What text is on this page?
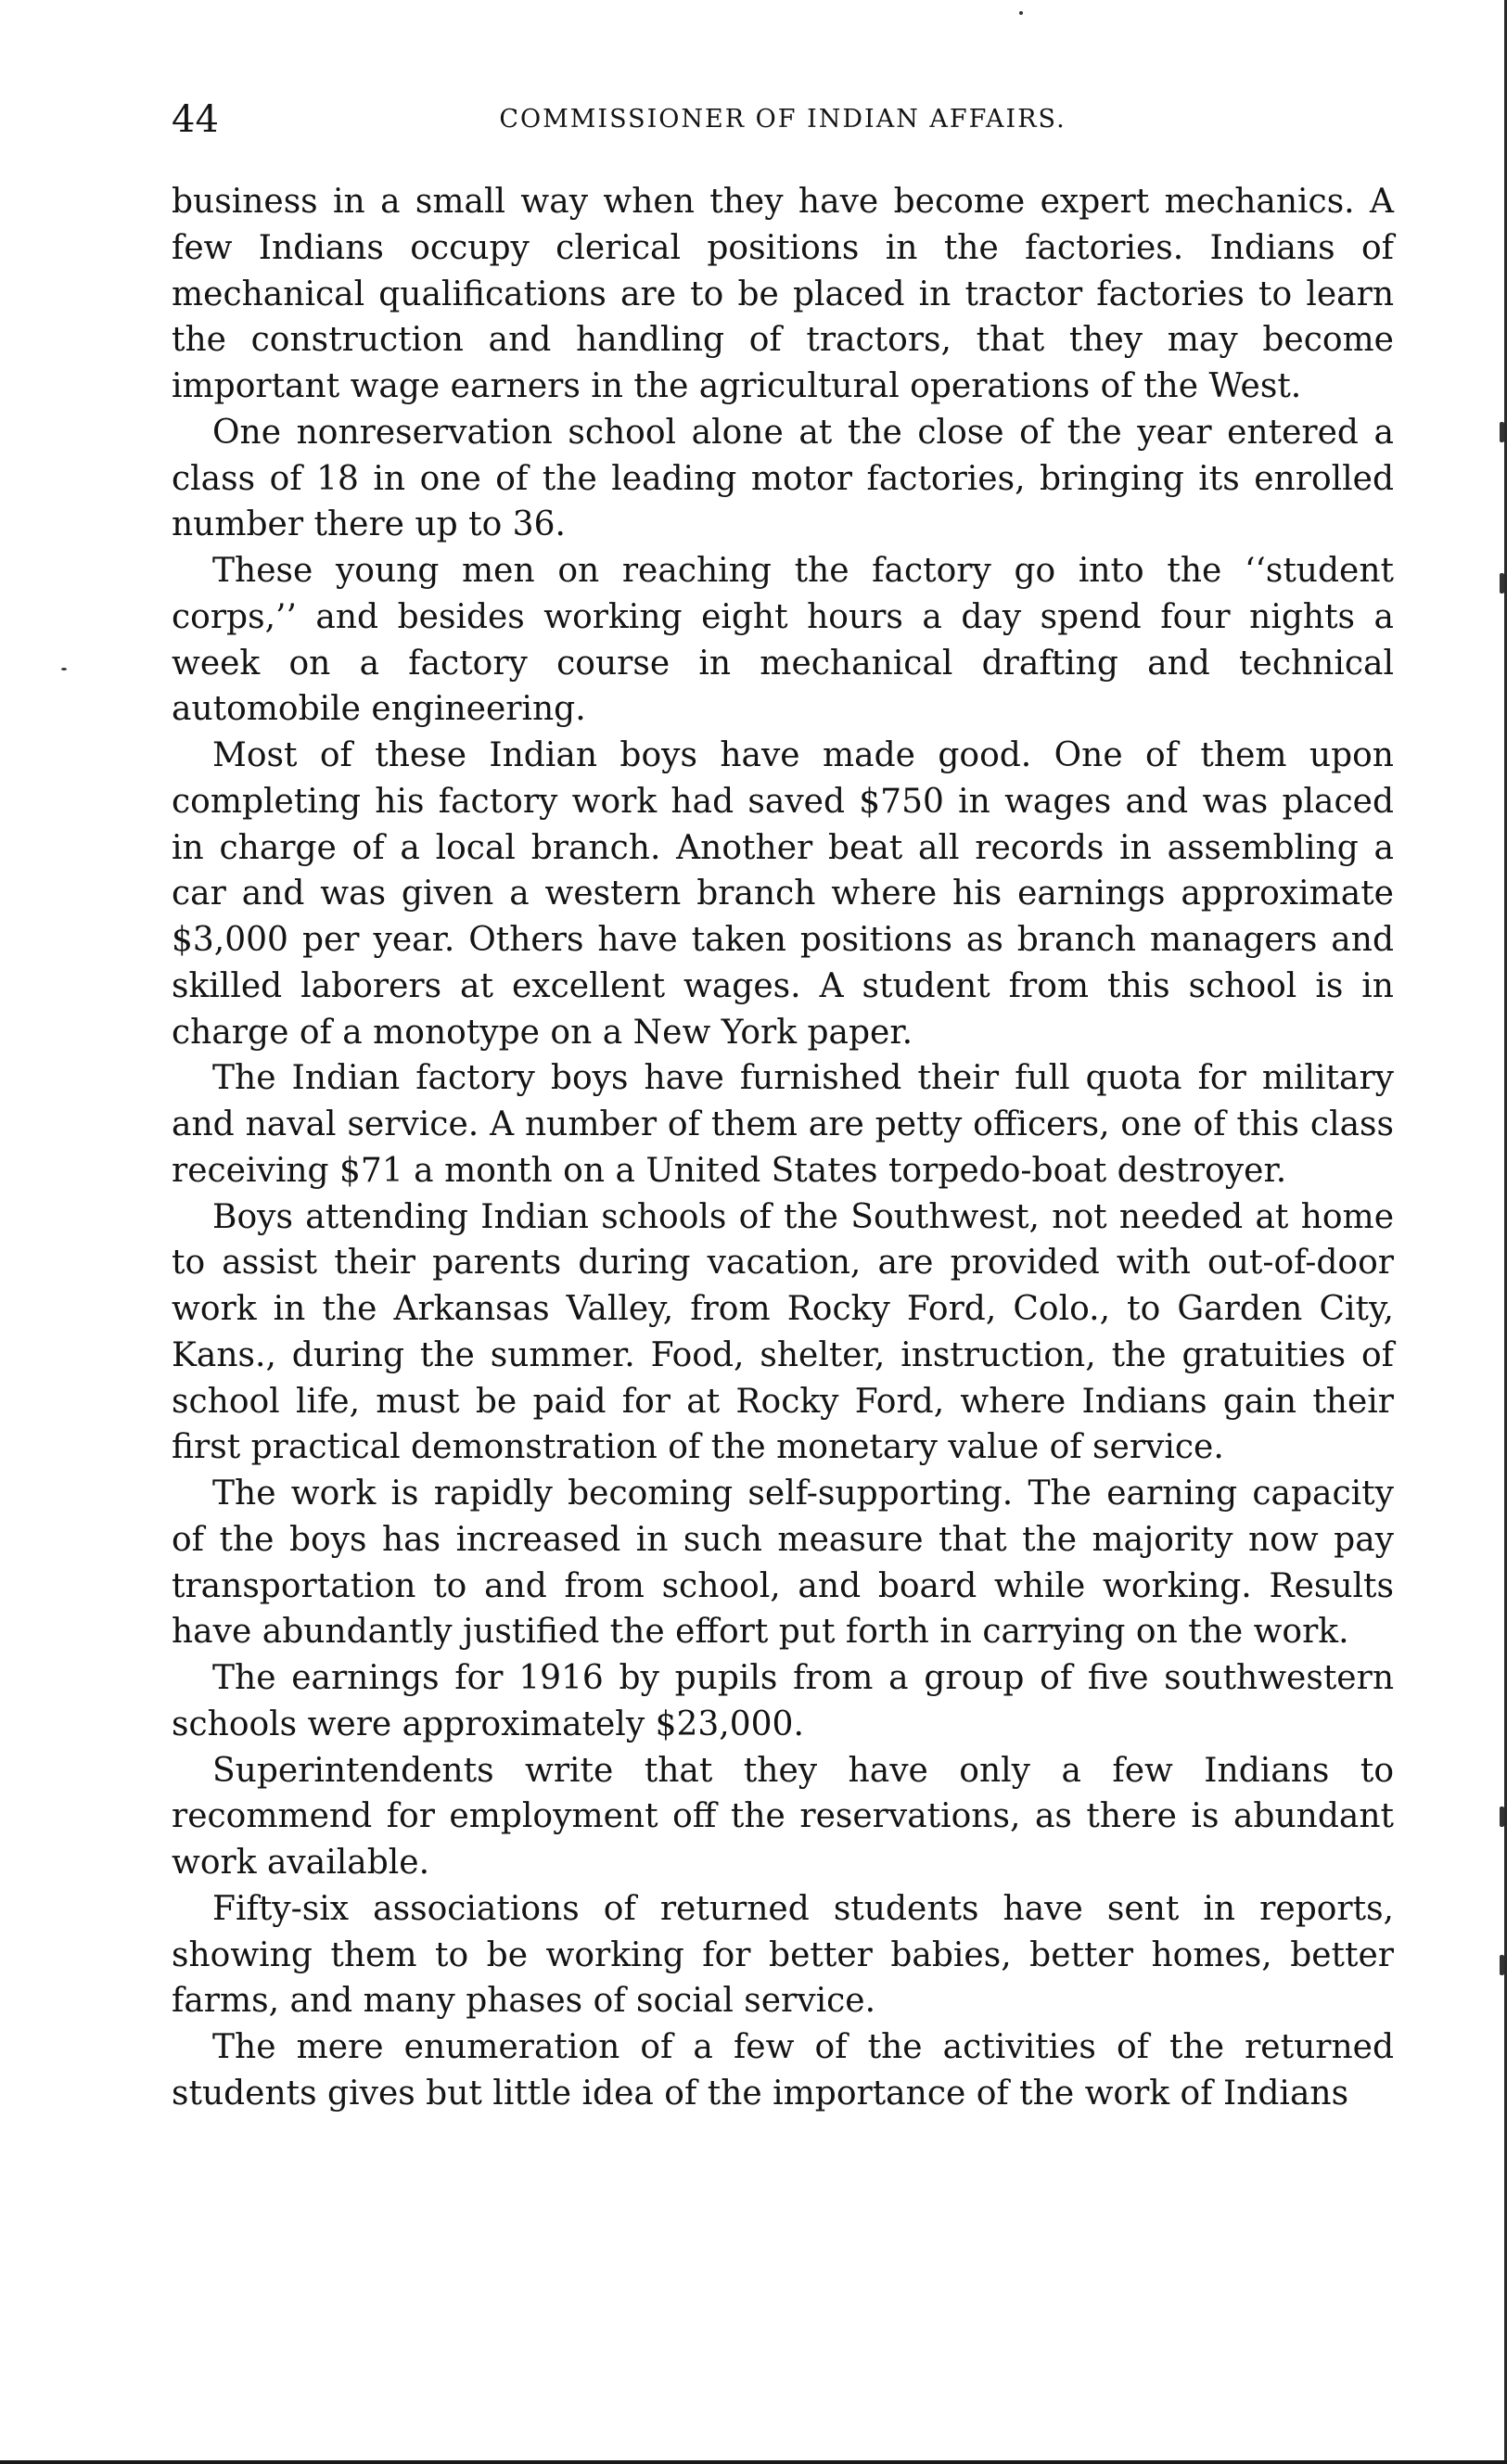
44	COMMISSIONER OF INDIAN AFFAIRS.

business in a small way when they have become expert mechanics. A few Indians occupy clerical positions in the factories. Indians of mechanical qualifications are to be placed in tractor factories to learn the construction and handling of tractors, that they may become important wage earners in the agricultural operations of the West.

One nonreservation school alone at the close of the year entered a class of 18 in one of the leading motor factories, bringing its enrolled number there up to 36.

These young men on reaching the factory go into the ‘‘student corps,’’ and besides working eight hours a day spend four nights a week on a factory course in mechanical drafting and technical automobile engineering.

Most of these Indian boys have made good. One of them upon completing his factory work had saved $750 in wages and was placed in charge of a local branch. Another beat all records in assembling a car and was given a western branch where his earnings approximate $3,000 per year. Others have taken positions as branch managers and skilled laborers at excellent wages. A student from this school is in charge of a monotype on a New York paper.

The Indian factory boys have furnished their full quota for military and naval service. A number of them are petty officers, one of this class receiving $71 a month on a United States torpedo-boat destroyer.

Boys attending Indian schools of the Southwest, not needed at home to assist their parents during vacation, are provided with out-of-door work in the Arkansas Valley, from Rocky Ford, Colo., to Garden City, Kans., during the summer. Food, shelter, instruction, the gratuities of school life, must be paid for at Rocky Ford, where Indians gain their first practical demonstration of the monetary value of service.

The work is rapidly becoming self-supporting. The earning capacity of the boys has increased in such measure that the majority now pay transportation to and from school, and board while working. Results have abundantly justified the effort put forth in carrying on the work.

The earnings for 1916 by pupils from a group of five southwestern schools were approximately $23,000.

Superintendents write that they have only a few Indians to recommend for employment off the reservations, as there is abundant work available.

Fifty-six associations of returned students have sent in reports, showing them to be working for better babies, better homes, better farms, and many phases of social service.

The mere enumeration of a few of the activities of the returned students gives but little idea of the importance of the work of Indians
